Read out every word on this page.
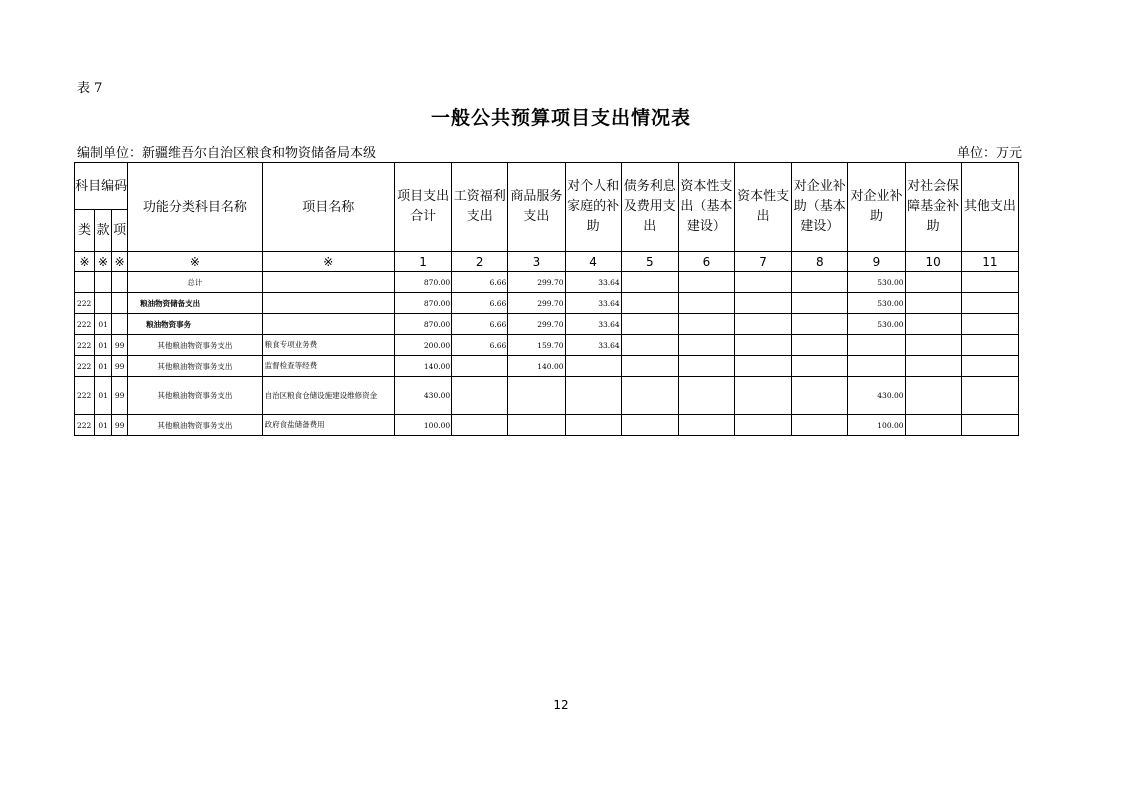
表 7
一般公共预算项目支出情况表
编制单位：新疆维吾尔自治区粮食和物资储备局本级	单位：万元
科目编码			功能分类科目名称	项目名称	项目支出合计	工资福利支出	商品服务支出	对个人和家庭的补助	债务利息及费用支出	资本性支出（基本建设）	资本性支出	对企业补助（基本建设）	对企业补助	对社会保障基金补助	其他支出
类	款	项													
※	※	※	※	※	1	2	3	4	5	6	7	8	9	10	11
			总计		870.00	6.66	299.70	33.64					530.00		
222			粮油物资储备支出		870.00	6.66	299.70	33.64					530.00		
222	01		粮油物资事务		870.00	6.66	299.70	33.64					530.00		
222	01	99	其他粮油物资事务支出	粮食专项业务费	200.00	6.66	159.70	33.64							
222	01	99	其他粮油物资事务支出	监督检查等经费	140.00		140.00								
222	01	99	其他粮油物资事务支出	自治区粮食仓储设施建设维修资金	430.00								430.00		
222	01	99	其他粮油物资事务支出	政府食盐储备费用	100.00								100.00		
12
